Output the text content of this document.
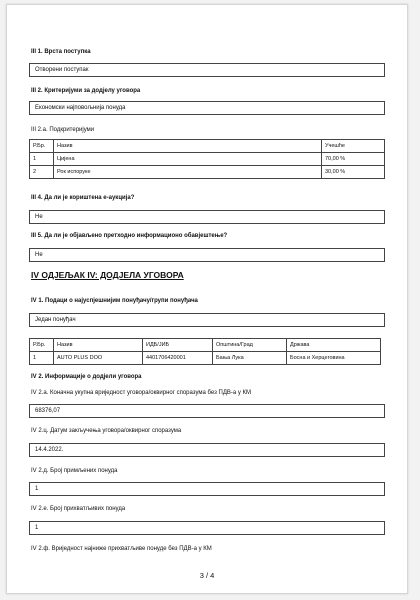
III 1. Врста поступка
Отворени поступак
III 2. Критеријуми за додјелу уговора
Економски најповољнија понуда
III 2.a. Подкритеријуми
Р.Бр.	Назив	Учешће
1	Цијена	70,00 %
2	Рок испоруке	30,00 %
III 4. Да ли је кориштена е-аукција?
Не
III 5. Да ли је објављено претходно информационо обавјештење?
Не
IV ОДЈЕЉАК IV: ДОДЈЕЛА УГОВОРА
IV 1. Подаци о најуспјешнијим понуђачу/групи понуђача
Један понуђач
Р.Бр.	Назив	ИДБ/ЈИБ	Општина/Град	Држава
1	AUTO PLUS DOO	4401706420001	Бања Лука	Босна и Херцеговина
IV 2. Информације о додјели уговора
IV 2.а. Коначна укупна вриједност уговора/оквирног споразума без ПДВ-а у КМ
68376,07
IV 2.ц. Датум закључења уговора/оквирног споразума
14.4.2022.
IV 2.д. Број примљених понуда
1
IV 2.е. Број прихватљивих понуда
1
IV 2.ф. Вриједност најниже прихватљиве понуде без ПДВ-а у КМ
3 / 4
